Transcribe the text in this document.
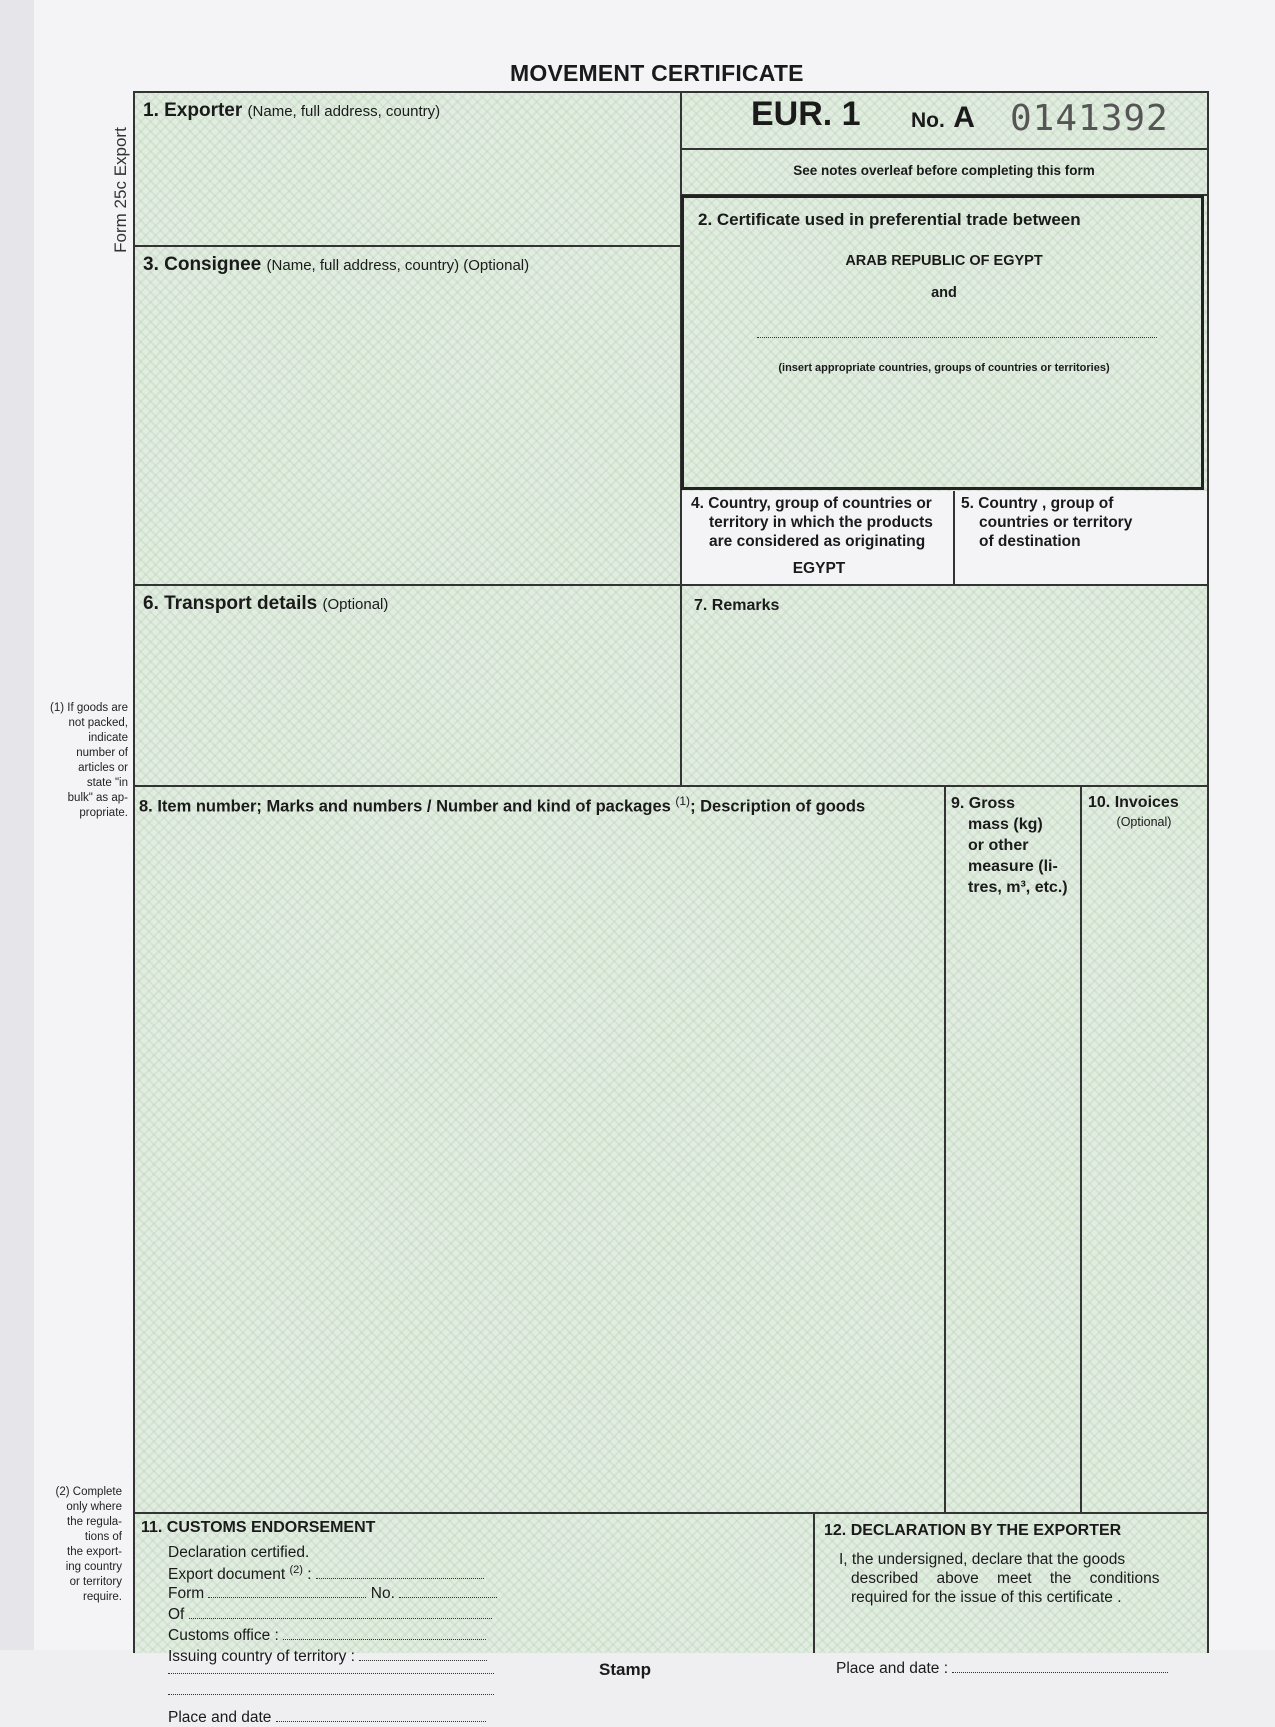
MOVEMENT CERTIFICATE
Form 25c Export
(1) If goods are
not packed,
indicate
number of
articles or
state "in
bulk" as ap-
propriate.
(2) Complete
only where
the regula-
tions of
the export-
ing country
or territory
require.
1. Exporter (Name, full address, country)	EUR. 1 No. A 0141392
See notes overleaf before completing this form
2. Certificate used in preferential trade between
ARAB REPUBLIC OF EGYPT
and
(insert appropriate countries, groups of countries or territories)
3. Consignee (Name, full address, country) (Optional)
4. Country, group of countries or
territory in which the products
are considered as originating
EGYPT
5. Country , group of
countries or territory
of destination
6. Transport details (Optional)	7. Remarks
8. Item number; Marks and numbers / Number and kind of packages $^{(1)}$; Description of goods	9. Gross
mass (kg)
or other
measure (li-
tres, m³, etc.)
10. Invoices
(Optional)
11. CUSTOMS ENDORSEMENT
Declaration certified.
Export document $^{(2)}$ :
Form	No.
Of
Customs office :
Issuing country of territory :
Place and date
Stamp
12. DECLARATION BY THE EXPORTER
I, the undersigned, declare that the goods
described above meet the conditions
required for the issue of this certificate .
Place and date :
